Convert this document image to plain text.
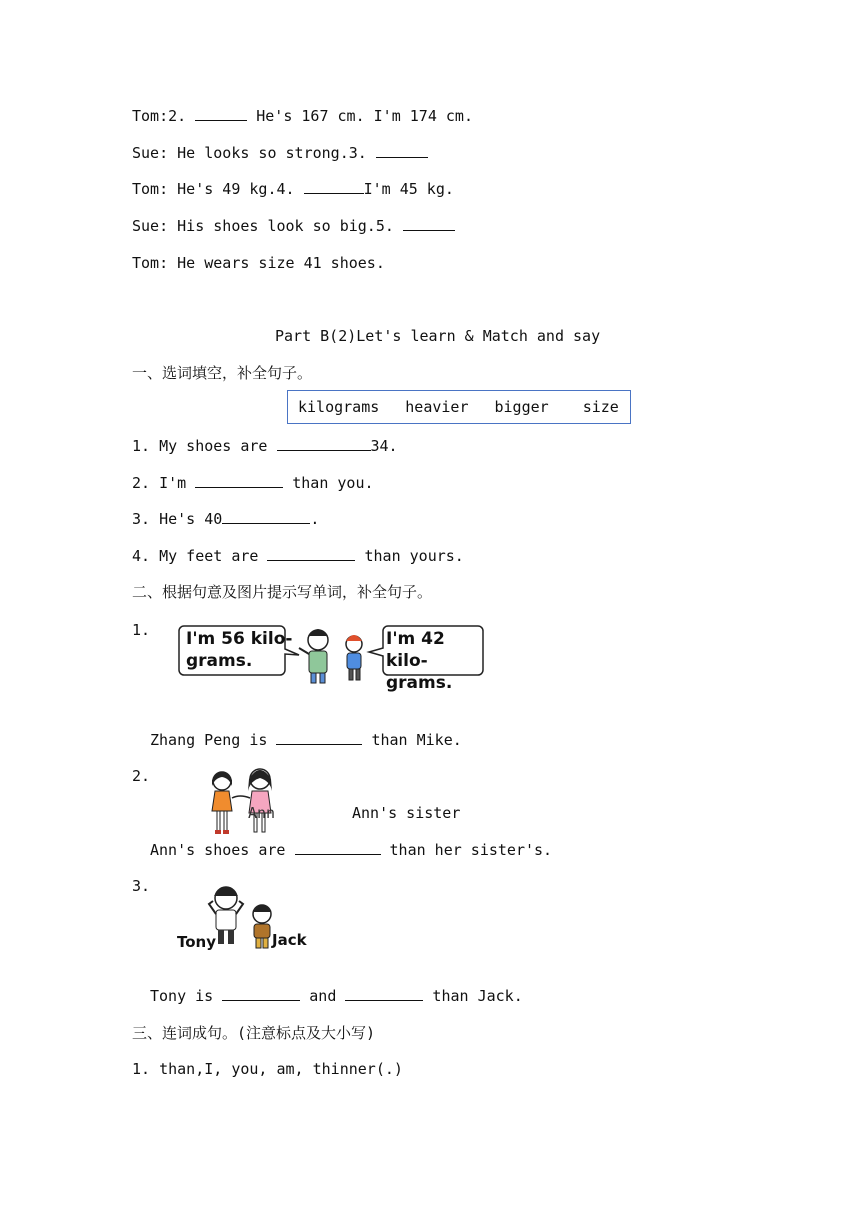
Tom:2.	He's 167 cm. I'm 174 cm.
Sue: He looks so strong.3.
Tom: He's 49 kg.4.	I'm 45 kg.
Sue: His shoes look so big.5.
Tom: He wears size 41 shoes.
Part B(2)Let's learn & Match and say
一、选词填空，补全句子。
kilograms heavier bigger size
1. My shoes are	34.
2. I'm	than you.
3. He's 40	.
4. My feet are	than yours.
二、根据句意及图片提示写单词，补全句子。
1. I'm 56 kilo-
grams.
I'm 42 kilo-
grams.
Zhang Peng is	than Mike.
2.
Ann	Ann's sister
Ann's shoes are	than her sister's.
3.
Tony	Jack
Tony is	and	than Jack.
三、连词成句。(注意标点及大小写)
1. than,I, you, am, thinner(.)
